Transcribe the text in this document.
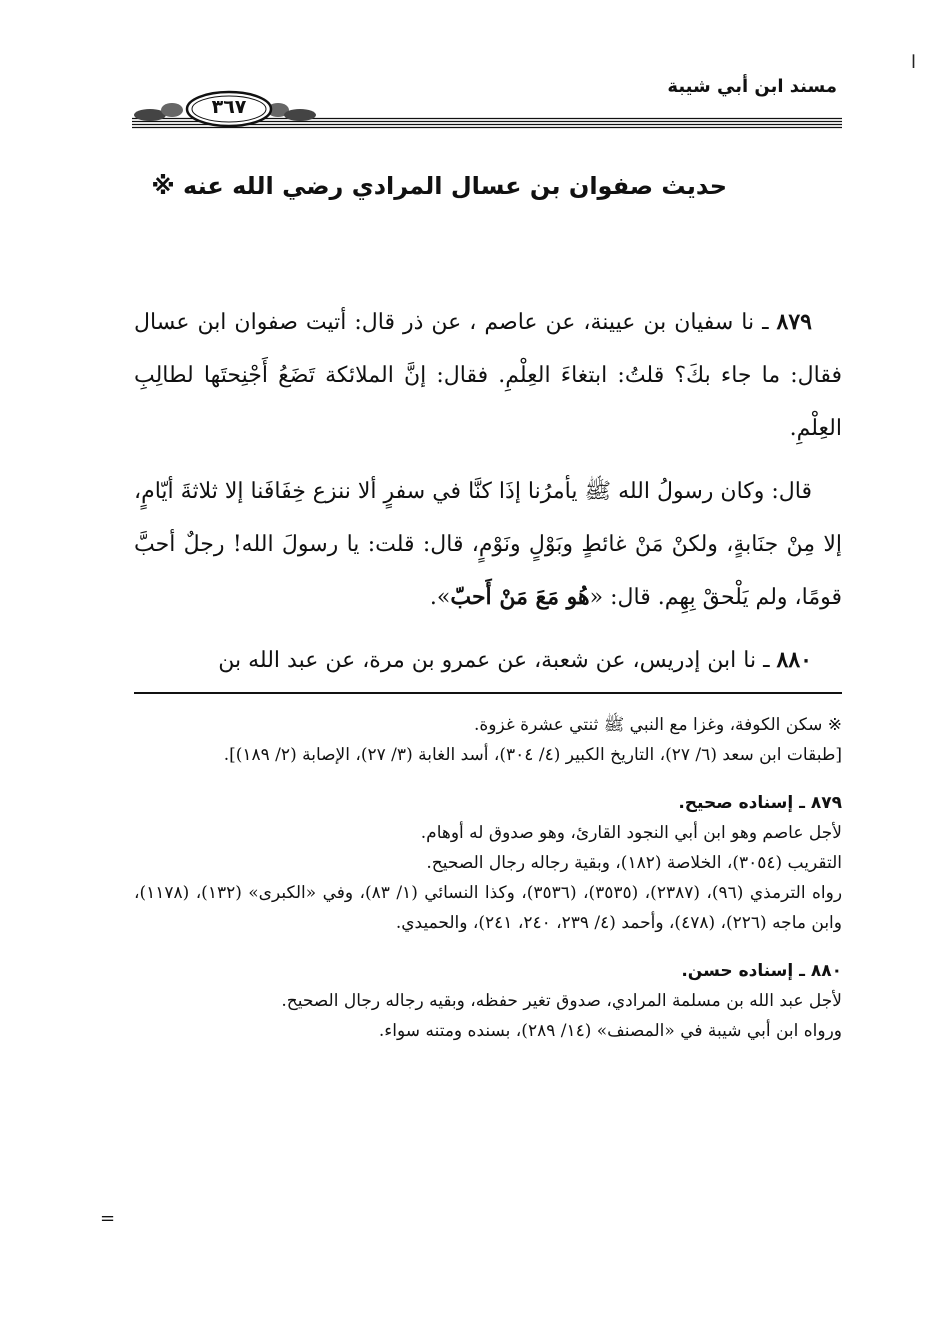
ا
مسند ابن أبي شيبة
٣٦٧
حديث صفوان بن عسال المرادي رضي الله عنه ※

٨٧٩ ـ نا سفيان بن عيينة، عن عاصم ، عن ذر قال: أتيت صفوان ابن عسال فقال: ما جاء بكَ؟ قلتُ: ابتغاءَ العِلْمِ. فقال: إنَّ الملائكة تَضَعُ أَجْنِحتَها لطالِبِ العِلْمِ.

قال: وكان رسولُ الله ﷺ يأمرُنا إذَا كنَّا في سفرٍ ألا ننزع خِفَافَنا إلا ثلاثةَ أيّامٍ، إلا مِنْ جنَابةٍ، ولكنْ مَنْ غائطٍ وبَوْلٍ ونَوْمٍ، قال: قلت: يا رسولَ الله! رجلٌ أحبَّ قومًا، ولم يَلْحقْ بِهِم. قال: «هُو مَعَ مَنْ أَحبّ».

٨٨٠ ـ نا ابن إدريس، عن شعبة، عن عمرو بن مرة، عن عبد الله بن

※ سكن الكوفة، وغزا مع النبي ﷺ ثنتي عشرة غزوة.

[طبقات ابن سعد (٦/ ٢٧)، التاريخ الكبير (٤/ ٣٠٤)، أسد الغابة (٣/ ٢٧)، الإصابة (٢/ ١٨٩)].

٨٧٩ ـ إسناده صحيح.

لأجل عاصم وهو ابن أبي النجود القارئ، وهو صدوق له أوهام.

التقريب (٣٠٥٤)، الخلاصة (١٨٢)، وبقية رجاله رجال الصحيح.

رواه الترمذي (٩٦)، (٢٣٨٧)، (٣٥٣٥)، (٣٥٣٦)، وكذا النسائي (١/ ٨٣)، وفي «الكبرى» (١٣٢)، (١١٧٨)، وابن ماجه (٢٢٦)، (٤٧٨)، وأحمد (٤/ ٢٣٩، ٢٤٠، ٢٤١)، والحميدي.

٨٨٠ ـ إسناده حسن.

لأجل عبد الله بن مسلمة المرادي، صدوق تغير حفظه، وبقيه رجاله رجال الصحيح.

ورواه ابن أبي شيبة في «المصنف» (١٤/ ٢٨٩)، بسنده ومتنه سواء.

=
